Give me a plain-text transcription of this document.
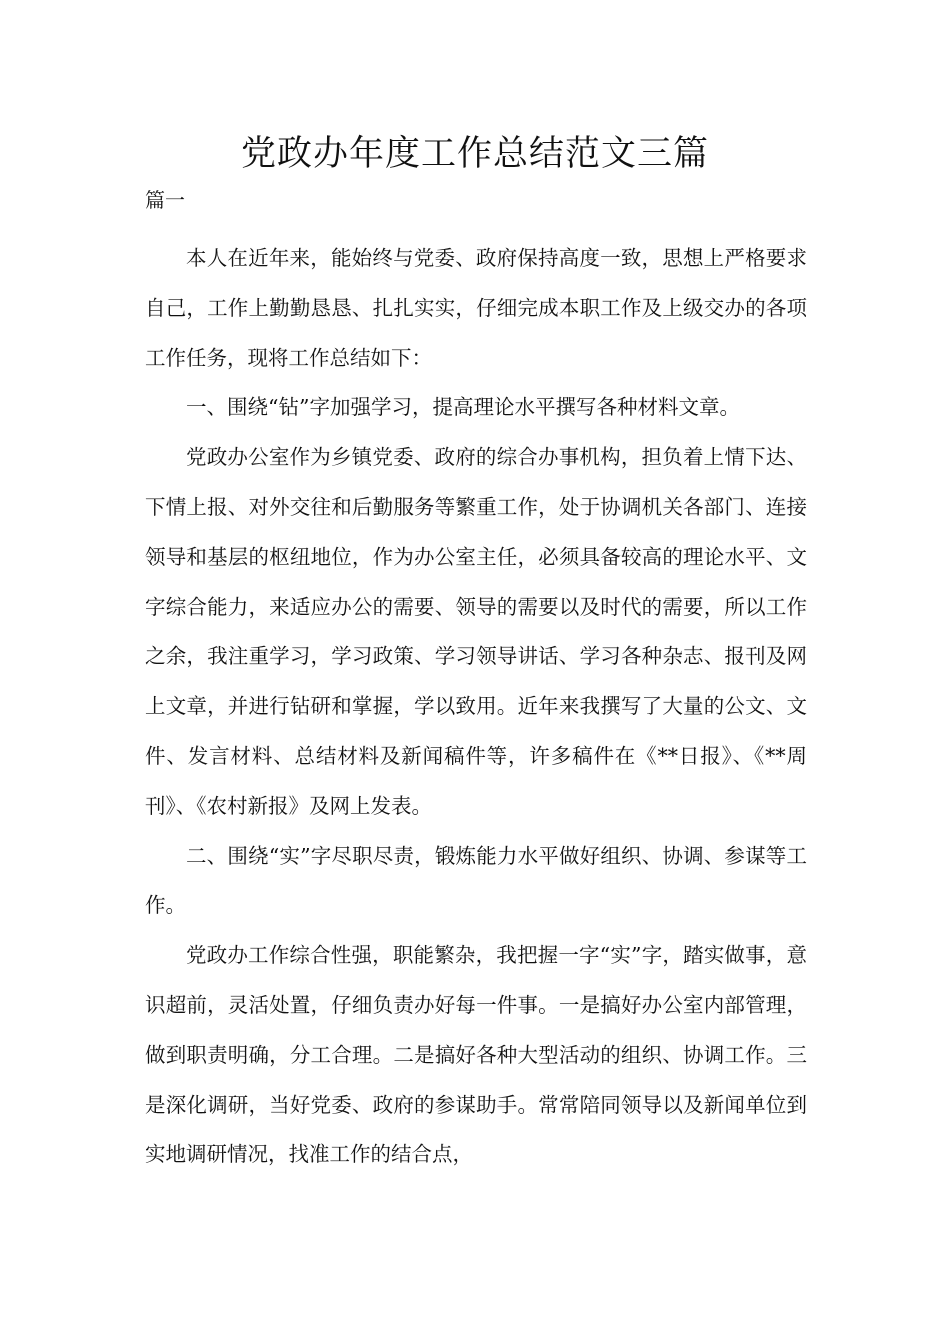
党政办年度工作总结范文三篇

篇一

本人在近年来，能始终与党委、政府保持高度一致，思想上严格要求自己，工作上勤勤恳恳、扎扎实实，仔细完成本职工作及上级交办的各项工作任务，现将工作总结如下：

一、围绕“钻”字加强学习，提高理论水平撰写各种材料文章。

党政办公室作为乡镇党委、政府的综合办事机构，担负着上情下达、下情上报、对外交往和后勤服务等繁重工作，处于协调机关各部门、连接领导和基层的枢纽地位，作为办公室主任，必须具备较高的理论水平、文字综合能力，来适应办公的需要、领导的需要以及时代的需要，所以工作之余，我注重学习，学习政策、学习领导讲话、学习各种杂志、报刊及网上文章，并进行钻研和掌握，学以致用。近年来我撰写了大量的公文、文件、发言材料、总结材料及新闻稿件等，许多稿件在《**日报》、《**周刊》、《农村新报》及网上发表。

二、围绕“实”字尽职尽责，锻炼能力水平做好组织、协调、参谋等工作。

党政办工作综合性强，职能繁杂，我把握一字“实”字，踏实做事，意识超前，灵活处置，仔细负责办好每一件事。一是搞好办公室内部管理，做到职责明确，分工合理。二是搞好各种大型活动的组织、协调工作。三是深化调研，当好党委、政府的参谋助手。常常陪同领导以及新闻单位到实地调研情况，找准工作的结合点，
